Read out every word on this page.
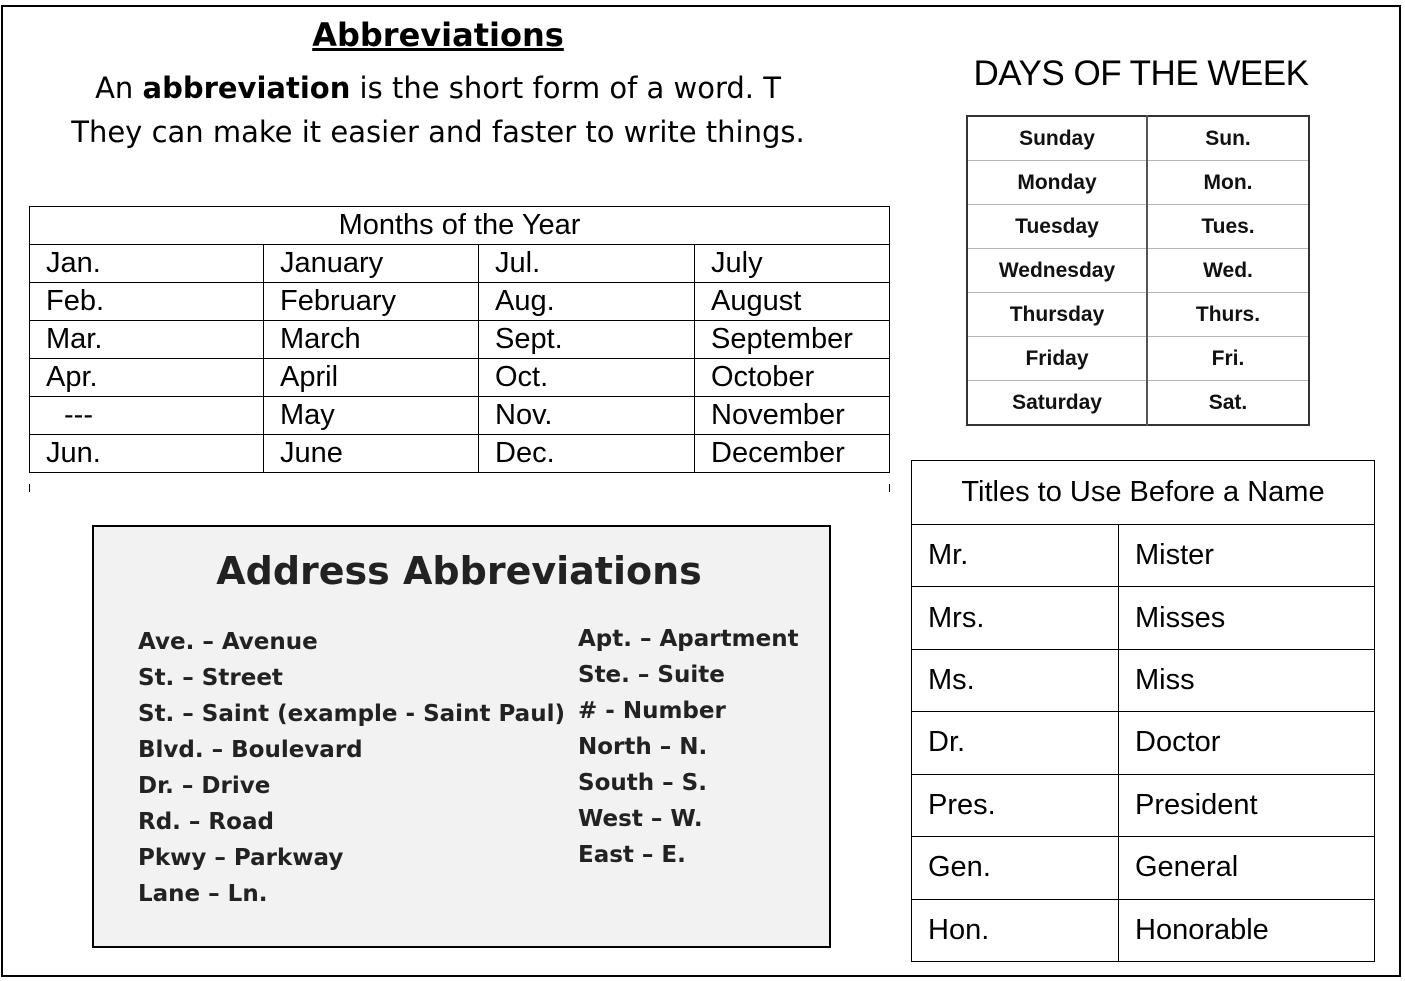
Abbreviations
An abbreviation is the short form of a word. T
They can make it easier and faster to write things.
Months of the Year			
Jan.	January	Jul.	July
Feb.	February	Aug.	August
Mar.	March	Sept.	September
Apr.	April	Oct.	October
---	May	Nov.	November
Jun.	June	Dec.	December
DAYS OF THE WEEK
Sunday	Sun.
Monday	Mon.
Tuesday	Tues.
Wednesday	Wed.
Thursday	Thurs.
Friday	Fri.
Saturday	Sat.
Address Abbreviations
Ave. – Avenue
St. – Street
St. – Saint (example - Saint Paul)
Blvd. – Boulevard
Dr. – Drive
Rd. – Road
Pkwy – Parkway
Lane – Ln.
Apt. – Apartment
Ste. – Suite
# - Number
North – N.
South – S.
West – W.
East – E.
Titles to Use Before a Name	
Mr.	Mister
Mrs.	Misses
Ms.	Miss
Dr.	Doctor
Pres.	President
Gen.	General
Hon.	Honorable
